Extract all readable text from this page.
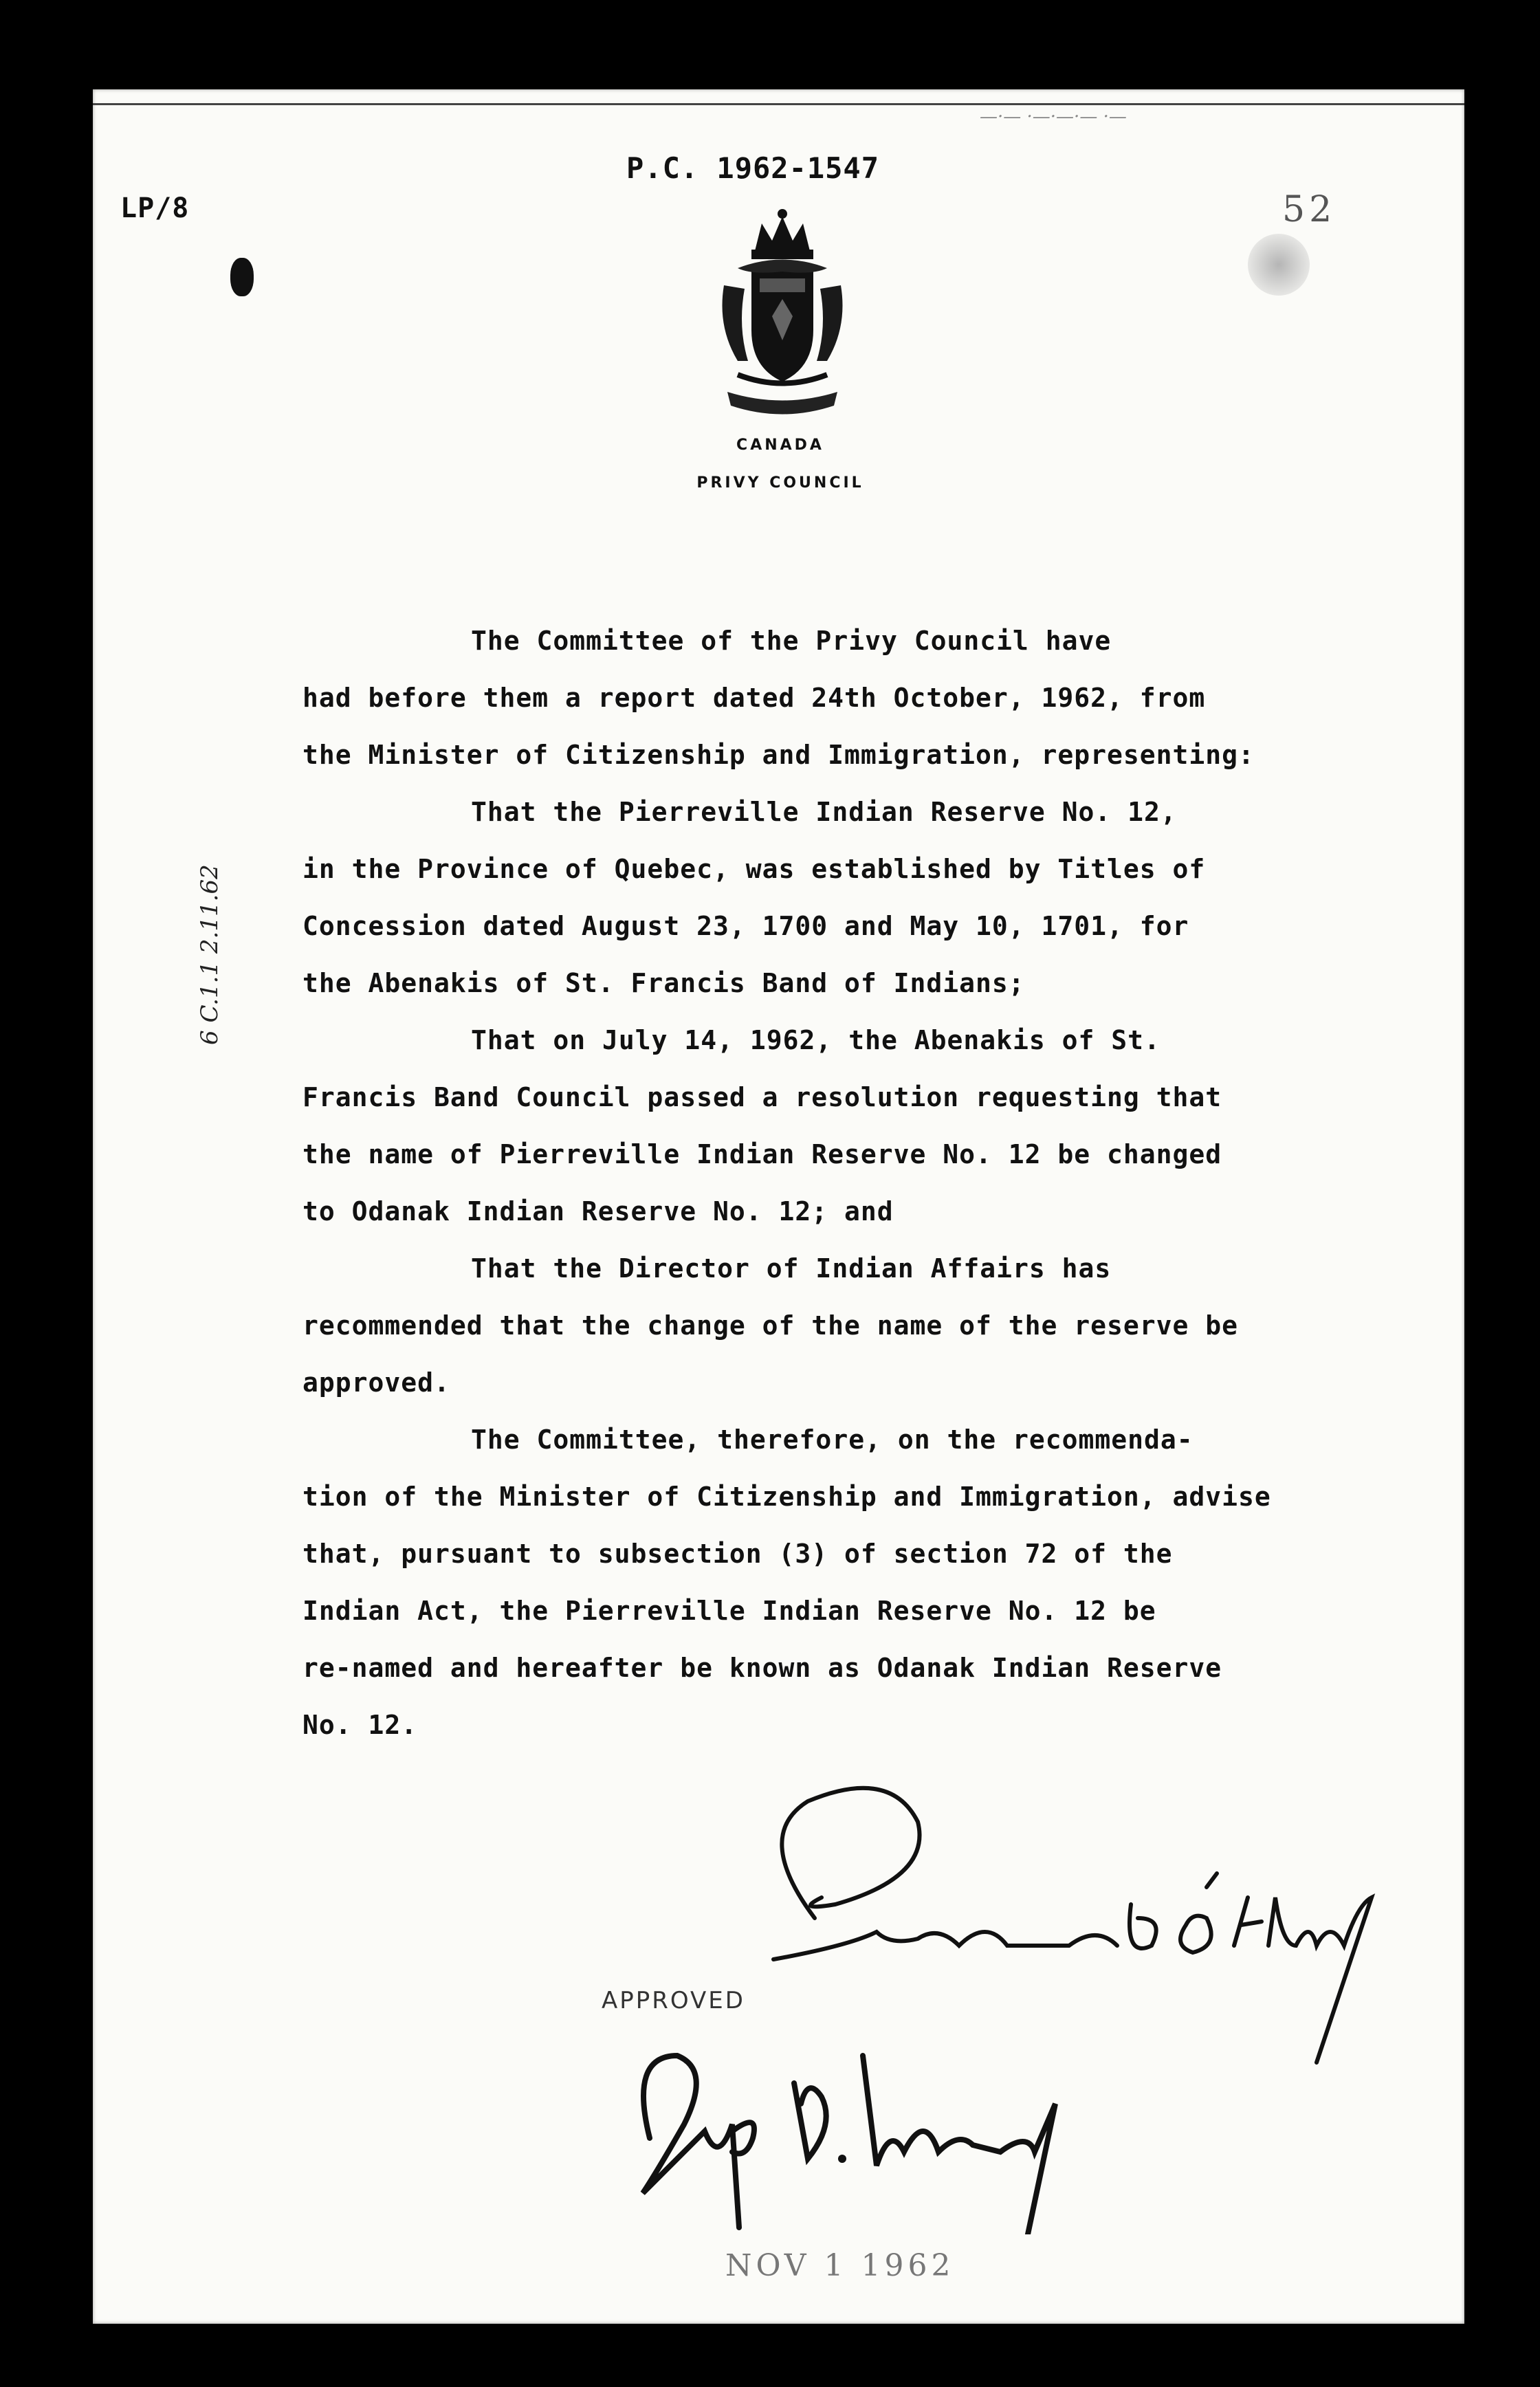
—·— ·—·—·— ·—
P.C. 1962-1547
LP/8	52
CANADA
PRIVY COUNCIL
6 C.1.1 2.11.62
The Committee of the Privy Council have
had before them a report dated 24th October, 1962, from
the Minister of Citizenship and Immigration, representing:
That the Pierreville Indian Reserve No. 12,
in the Province of Quebec, was established by Titles of
Concession dated August 23, 1700 and May 10, 1701, for
the Abenakis of St. Francis Band of Indians;
That on July 14, 1962, the Abenakis of St.
Francis Band Council passed a resolution requesting that
the name of Pierreville Indian Reserve No. 12 be changed
to Odanak Indian Reserve No. 12; and
That the Director of Indian Affairs has
recommended that the change of the name of the reserve be
approved.
The Committee, therefore, on the recommenda-
tion of the Minister of Citizenship and Immigration, advise
that, pursuant to subsection (3) of section 72 of the
Indian Act, the Pierreville Indian Reserve No. 12 be
re-named and hereafter be known as Odanak Indian Reserve
No. 12.
APPROVED
NOV 1 1962
